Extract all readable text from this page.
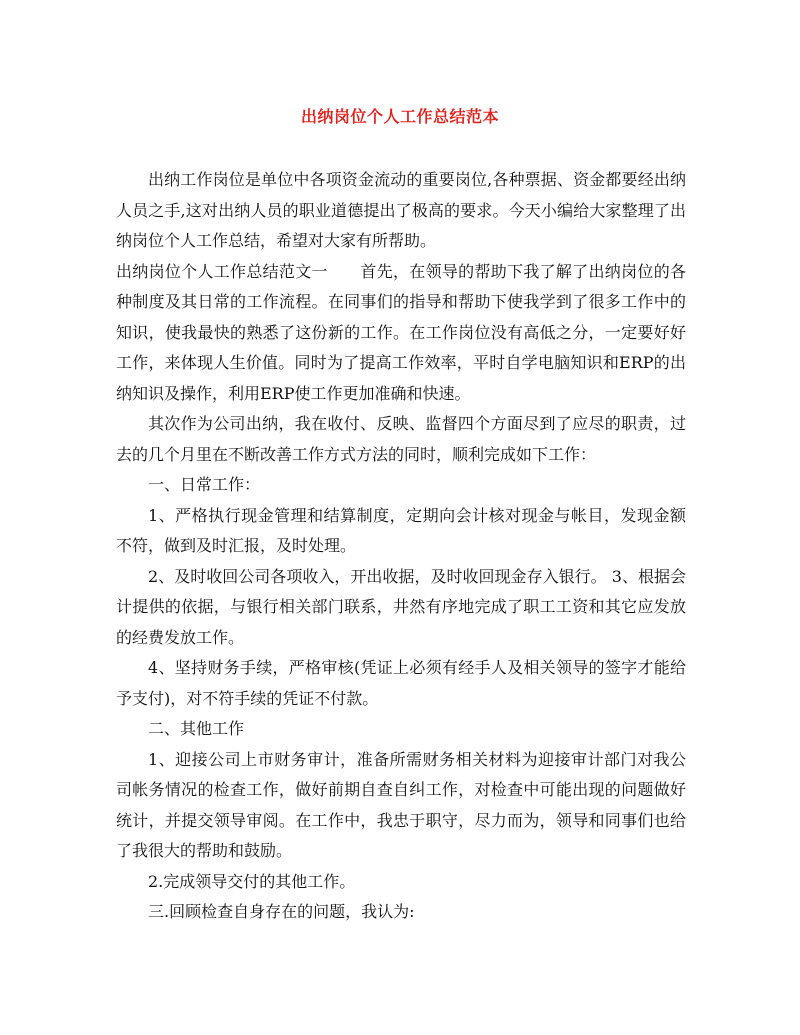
出纳岗位个人工作总结范本

出纳工作岗位是单位中各项资金流动的重要岗位,各种票据、资金都要经出纳人员之手,这对出纳人员的职业道德提出了极高的要求。今天小编给大家整理了出纳岗位个人工作总结，希望对大家有所帮助。

出纳岗位个人工作总结范文一　　首先，在领导的帮助下我了解了出纳岗位的各种制度及其日常的工作流程。在同事们的指导和帮助下使我学到了很多工作中的知识，使我最快的熟悉了这份新的工作。在工作岗位没有高低之分，一定要好好工作，来体现人生价值。同时为了提高工作效率，平时自学电脑知识和ERP的出纳知识及操作，利用ERP使工作更加准确和快速。

其次作为公司出纳，我在收付、反映、监督四个方面尽到了应尽的职责，过去的几个月里在不断改善工作方式方法的同时，顺利完成如下工作：

一、日常工作：

1、严格执行现金管理和结算制度，定期向会计核对现金与帐目，发现金额不符，做到及时汇报，及时处理。

2、及时收回公司各项收入，开出收据，及时收回现金存入银行。 3、根据会计提供的依据，与银行相关部门联系，井然有序地完成了职工工资和其它应发放的经费发放工作。

4、坚持财务手续，严格审核(凭证上必须有经手人及相关领导的签字才能给予支付)，对不符手续的凭证不付款。

二、其他工作

1、迎接公司上市财务审计，准备所需财务相关材料为迎接审计部门对我公司帐务情况的检查工作，做好前期自查自纠工作，对检查中可能出现的问题做好统计，并提交领导审阅。在工作中，我忠于职守，尽力而为，领导和同事们也给了我很大的帮助和鼓励。

2.完成领导交付的其他工作。

三.回顾检查自身存在的问题，我认为:
